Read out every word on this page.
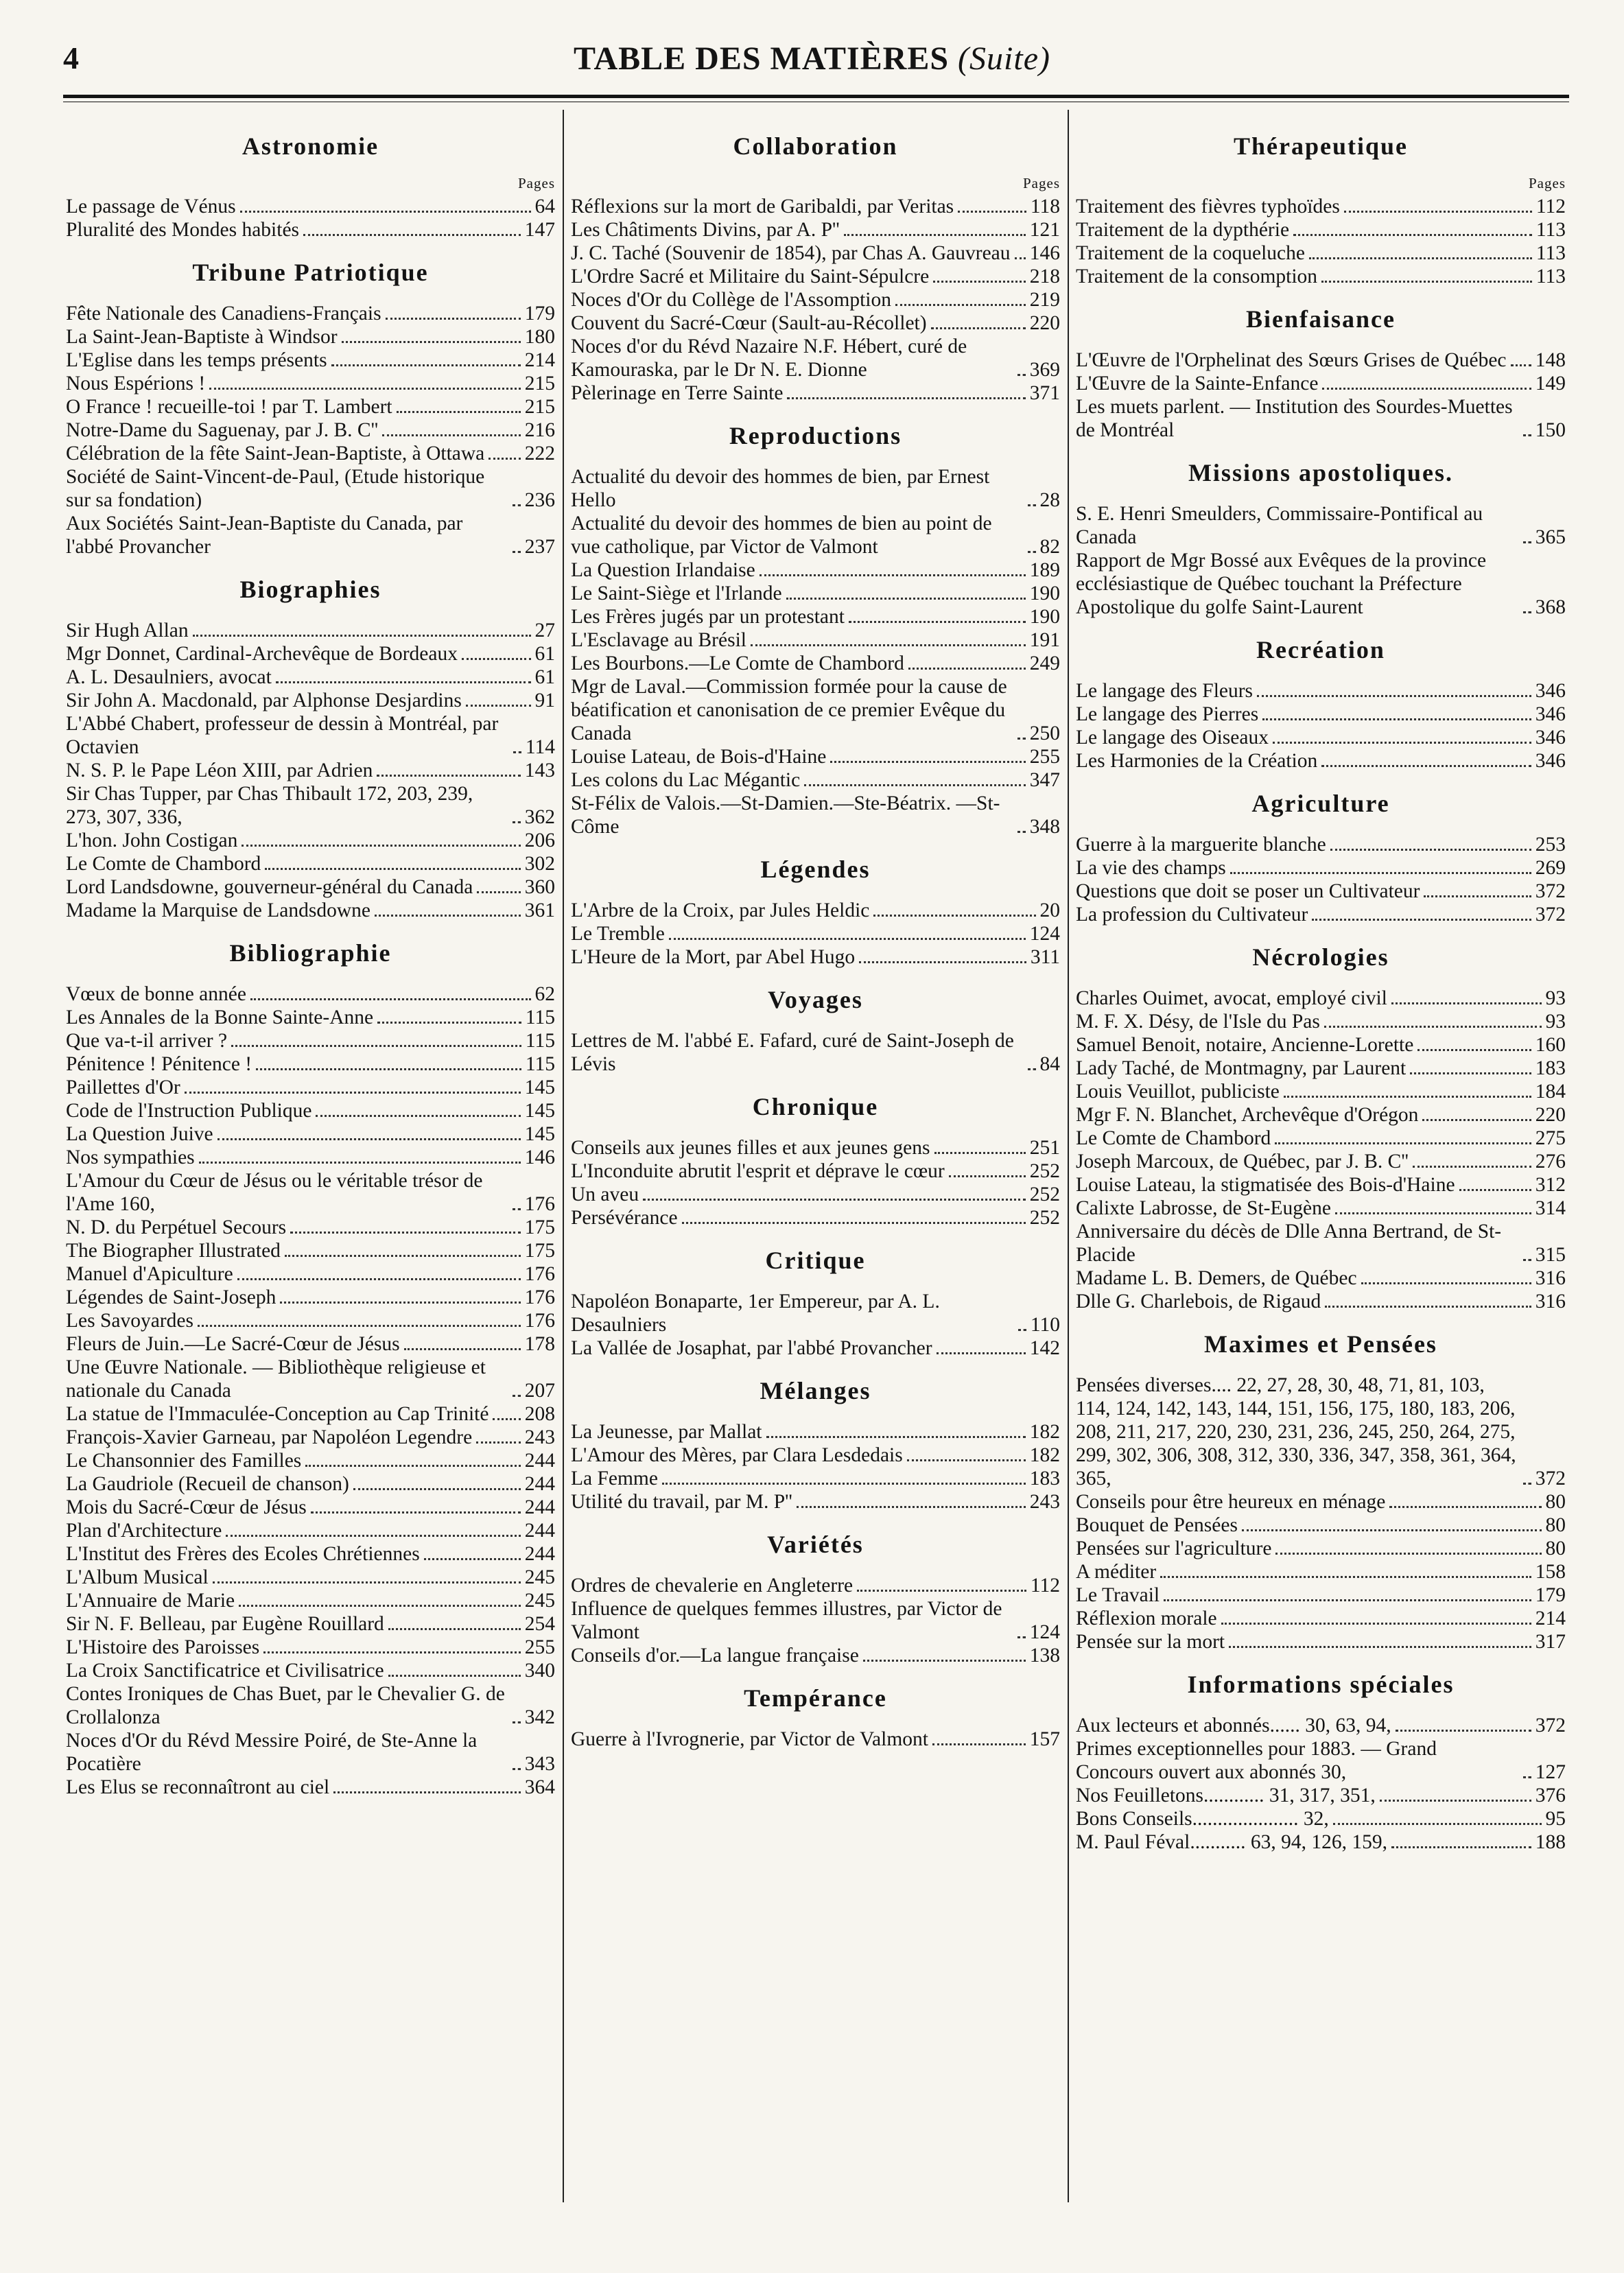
4	TABLE DES MATIÈRES (Suite)
Astronomie
Pages
Le passage de Vénus	64
Pluralité des Mondes habités	147
Tribune Patriotique
Fête Nationale des Canadiens-Français	179
La Saint-Jean-Baptiste à Windsor	180
L'Eglise dans les temps présents	214
Nous Espérions !	215
O France ! recueille-toi ! par T. Lambert	215
Notre-Dame du Saguenay, par J. B. C''	216
Célébration de la fête Saint-Jean-Baptiste, à Ottawa 222
Société de Saint-Vincent-de-Paul, (Etude historique sur sa fondation)	236
Aux Sociétés Saint-Jean-Baptiste du Canada, par l'abbé Provancher	237
Biographies
Sir Hugh Allan	27
Mgr Donnet, Cardinal-Archevêque de Bordeaux	61
A. L. Desaulniers, avocat	61
Sir John A. Macdonald, par Alphonse Desjardins	91
L'Abbé Chabert, professeur de dessin à Montréal, par Octavien	114
N. S. P. le Pape Léon XIII, par Adrien	143
Sir Chas Tupper, par Chas Thibault 172, 203, 239, 273, 307, 336,	362
L'hon. John Costigan	206
Le Comte de Chambord	302
Lord Landsdowne, gouverneur-général du Canada	360
Madame la Marquise de Landsdowne	361
Bibliographie
Vœux de bonne année	62
Les Annales de la Bonne Sainte-Anne	115
Que va-t-il arriver ?	115
Pénitence ! Pénitence !	115
Paillettes d'Or	145
Code de l'Instruction Publique	145
La Question Juive	145
Nos sympathies	146
L'Amour du Cœur de Jésus ou le véritable trésor de l'Ame 160,	176
N. D. du Perpétuel Secours	175
The Biographer Illustrated	175
Manuel d'Apiculture	176
Légendes de Saint-Joseph	176
Les Savoyardes	176
Fleurs de Juin.—Le Sacré-Cœur de Jésus	178
Une Œuvre Nationale. — Bibliothèque religieuse et nationale du Canada	207
La statue de l'Immaculée-Conception au Cap Trinité 208
François-Xavier Garneau, par Napoléon Legendre	243
Le Chansonnier des Familles	244
La Gaudriole (Recueil de chanson)	244
Mois du Sacré-Cœur de Jésus	244
Plan d'Architecture	244
L'Institut des Frères des Ecoles Chrétiennes	244
L'Album Musical	245
L'Annuaire de Marie	245
Sir N. F. Belleau, par Eugène Rouillard	254
L'Histoire des Paroisses	255
La Croix Sanctificatrice et Civilisatrice	340
Contes Ironiques de Chas Buet, par le Chevalier G. de Crollalonza	342
Noces d'Or du Révd Messire Poiré, de Ste-Anne la Pocatière	343
Les Elus se reconnaîtront au ciel	364
Collaboration
Pages
Réflexions sur la mort de Garibaldi, par Veritas	118
Les Châtiments Divins, par A. P''	121
J. C. Taché (Souvenir de 1854), par Chas A. Gauvreau 146
L'Ordre Sacré et Militaire du Saint-Sépulcre	218
Noces d'Or du Collège de l'Assomption	219
Couvent du Sacré-Cœur (Sault-au-Récollet)	220
Noces d'or du Révd Nazaire N.F. Hébert, curé de Kamouraska, par le Dr N. E. Dionne	369
Pèlerinage en Terre Sainte	371
Reproductions
Actualité du devoir des hommes de bien, par Ernest Hello	28
Actualité du devoir des hommes de bien au point de vue catholique, par Victor de Valmont	82
La Question Irlandaise	189
Le Saint-Siège et l'Irlande	190
Les Frères jugés par un protestant	190
L'Esclavage au Brésil	191
Les Bourbons.—Le Comte de Chambord	249
Mgr de Laval.—Commission formée pour la cause de béatification et canonisation de ce premier Evêque du Canada	250
Louise Lateau, de Bois-d'Haine	255
Les colons du Lac Mégantic	347
St-Félix de Valois.—St-Damien.—Ste-Béatrix. —St-Côme	348
Légendes
L'Arbre de la Croix, par Jules Heldic	20
Le Tremble	124
L'Heure de la Mort, par Abel Hugo	311
Voyages
Lettres de M. l'abbé E. Fafard, curé de Saint-Joseph de Lévis	84
Chronique
Conseils aux jeunes filles et aux jeunes gens	251
L'Inconduite abrutit l'esprit et déprave le cœur	252
Un aveu	252
Persévérance	252
Critique
Napoléon Bonaparte, 1er Empereur, par A. L. Desaulniers	110
La Vallée de Josaphat, par l'abbé Provancher	142
Mélanges
La Jeunesse, par Mallat	182
L'Amour des Mères, par Clara Lesdedais	182
La Femme	183
Utilité du travail, par M. P''	243
Variétés
Ordres de chevalerie en Angleterre	112
Influence de quelques femmes illustres, par Victor de Valmont	124
Conseils d'or.—La langue française	138
Tempérance
Guerre à l'Ivrognerie, par Victor de Valmont	157
Thérapeutique
Pages
Traitement des fièvres typhoïdes	112
Traitement de la dypthérie	113
Traitement de la coqueluche	113
Traitement de la consomption	113
Bienfaisance
L'Œuvre de l'Orphelinat des Sœurs Grises de Québec 148
L'Œuvre de la Sainte-Enfance	149
Les muets parlent. — Institution des Sourdes-Muettes de Montréal	150
Missions apostoliques.
S. E. Henri Smeulders, Commissaire-Pontifical au Canada	365
Rapport de Mgr Bossé aux Evêques de la province ecclésiastique de Québec touchant la Préfecture Apostolique du golfe Saint-Laurent	368
Recréation
Le langage des Fleurs	346
Le langage des Pierres	346
Le langage des Oiseaux	346
Les Harmonies de la Création	346
Agriculture
Guerre à la marguerite blanche	253
La vie des champs	269
Questions que doit se poser un Cultivateur	372
La profession du Cultivateur	372
Nécrologies
Charles Ouimet, avocat, employé civil	93
M. F. X. Désy, de l'Isle du Pas	93
Samuel Benoit, notaire, Ancienne-Lorette	160
Lady Taché, de Montmagny, par Laurent	183
Louis Veuillot, publiciste	184
Mgr F. N. Blanchet, Archevêque d'Orégon	220
Le Comte de Chambord	275
Joseph Marcoux, de Québec, par J. B. C''	276
Louise Lateau, la stigmatisée des Bois-d'Haine	312
Calixte Labrosse, de St-Eugène	314
Anniversaire du décès de Dlle Anna Bertrand, de St-Placide	315
Madame L. B. Demers, de Québec	316
Dlle G. Charlebois, de Rigaud	316
Maximes et Pensées
Pensées diverses.... 22, 27, 28, 30, 48, 71, 81, 103, 114, 124, 142, 143, 144, 151, 156, 175, 180, 183, 206, 208, 211, 217, 220, 230, 231, 236, 245, 250, 264, 275, 299, 302, 306, 308, 312, 330, 336, 347, 358, 361, 364, 365,	372
Conseils pour être heureux en ménage	80
Bouquet de Pensées	80
Pensées sur l'agriculture	80
A méditer	158
Le Travail	179
Réflexion morale	214
Pensée sur la mort	317
Informations spéciales
Aux lecteurs et abonnés...... 30, 63, 94,	372
Primes exceptionnelles pour 1883. — Grand Concours ouvert aux abonnés 30,	127
Nos Feuilletons............ 31, 317, 351,	376
Bons Conseils..................... 32,	95
M. Paul Féval........... 63, 94, 126, 159,	188
